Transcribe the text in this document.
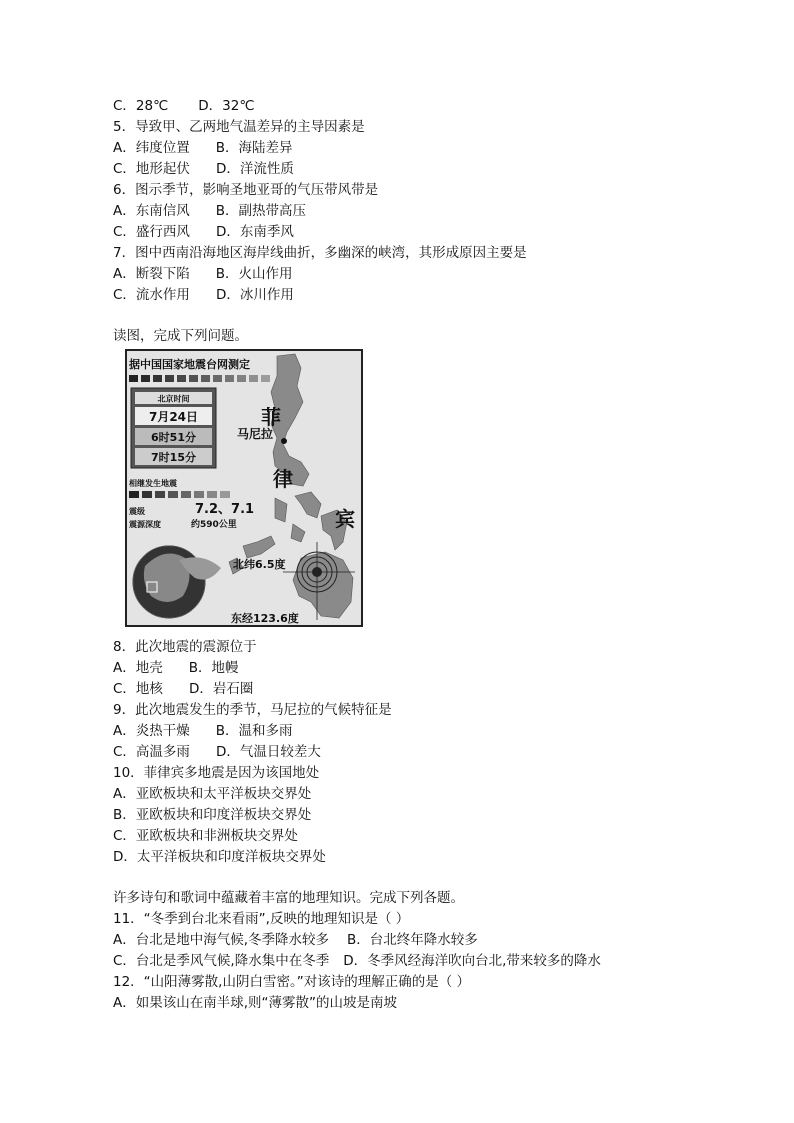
C．28℃ D．32℃
5．导致甲、乙两地气温差异的主导因素是
A．纬度位置 B．海陆差异
C．地形起伏 D．洋流性质
6．图示季节，影响圣地亚哥的气压带风带是
A．东南信风 B．副热带高压
C．盛行西风 D．东南季风
7．图中西南沿海地区海岸线曲折，多幽深的峡湾，其形成原因主要是
A．断裂下陷 B．火山作用
C．流水作用 D．冰川作用
读图，完成下列问题。
据中国国家地震台网测定
菲
律
宾
马尼拉
北京时间
7月24日
6时51分
7时15分
相继发生地震
震级	7.2、7.1
震源深度	约590公里
北纬6.5度
东经123.6度
8．此次地震的震源位于
A．地壳 B．地幔
C．地核 D．岩石圈
9．此次地震发生的季节，马尼拉的气候特征是
A．炎热干燥 B．温和多雨
C．高温多雨 D．气温日较差大
10．菲律宾多地震是因为该国地处
A．亚欧板块和太平洋板块交界处
B．亚欧板块和印度洋板块交界处
C．亚欧板块和非洲板块交界处
D．太平洋板块和印度洋板块交界处
许多诗句和歌词中蕴藏着丰富的地理知识。完成下列各题。
11．“冬季到台北来看雨”,反映的地理知识是（ ）
A．台北是地中海气候,冬季降水较多 B．台北终年降水较多
C．台北是季风气候,降水集中在冬季 D．冬季风经海洋吹向台北,带来较多的降水
12．“山阳薄雾散,山阴白雪密。”对该诗的理解正确的是（ ）
A．如果该山在南半球,则“薄雾散”的山坡是南坡
